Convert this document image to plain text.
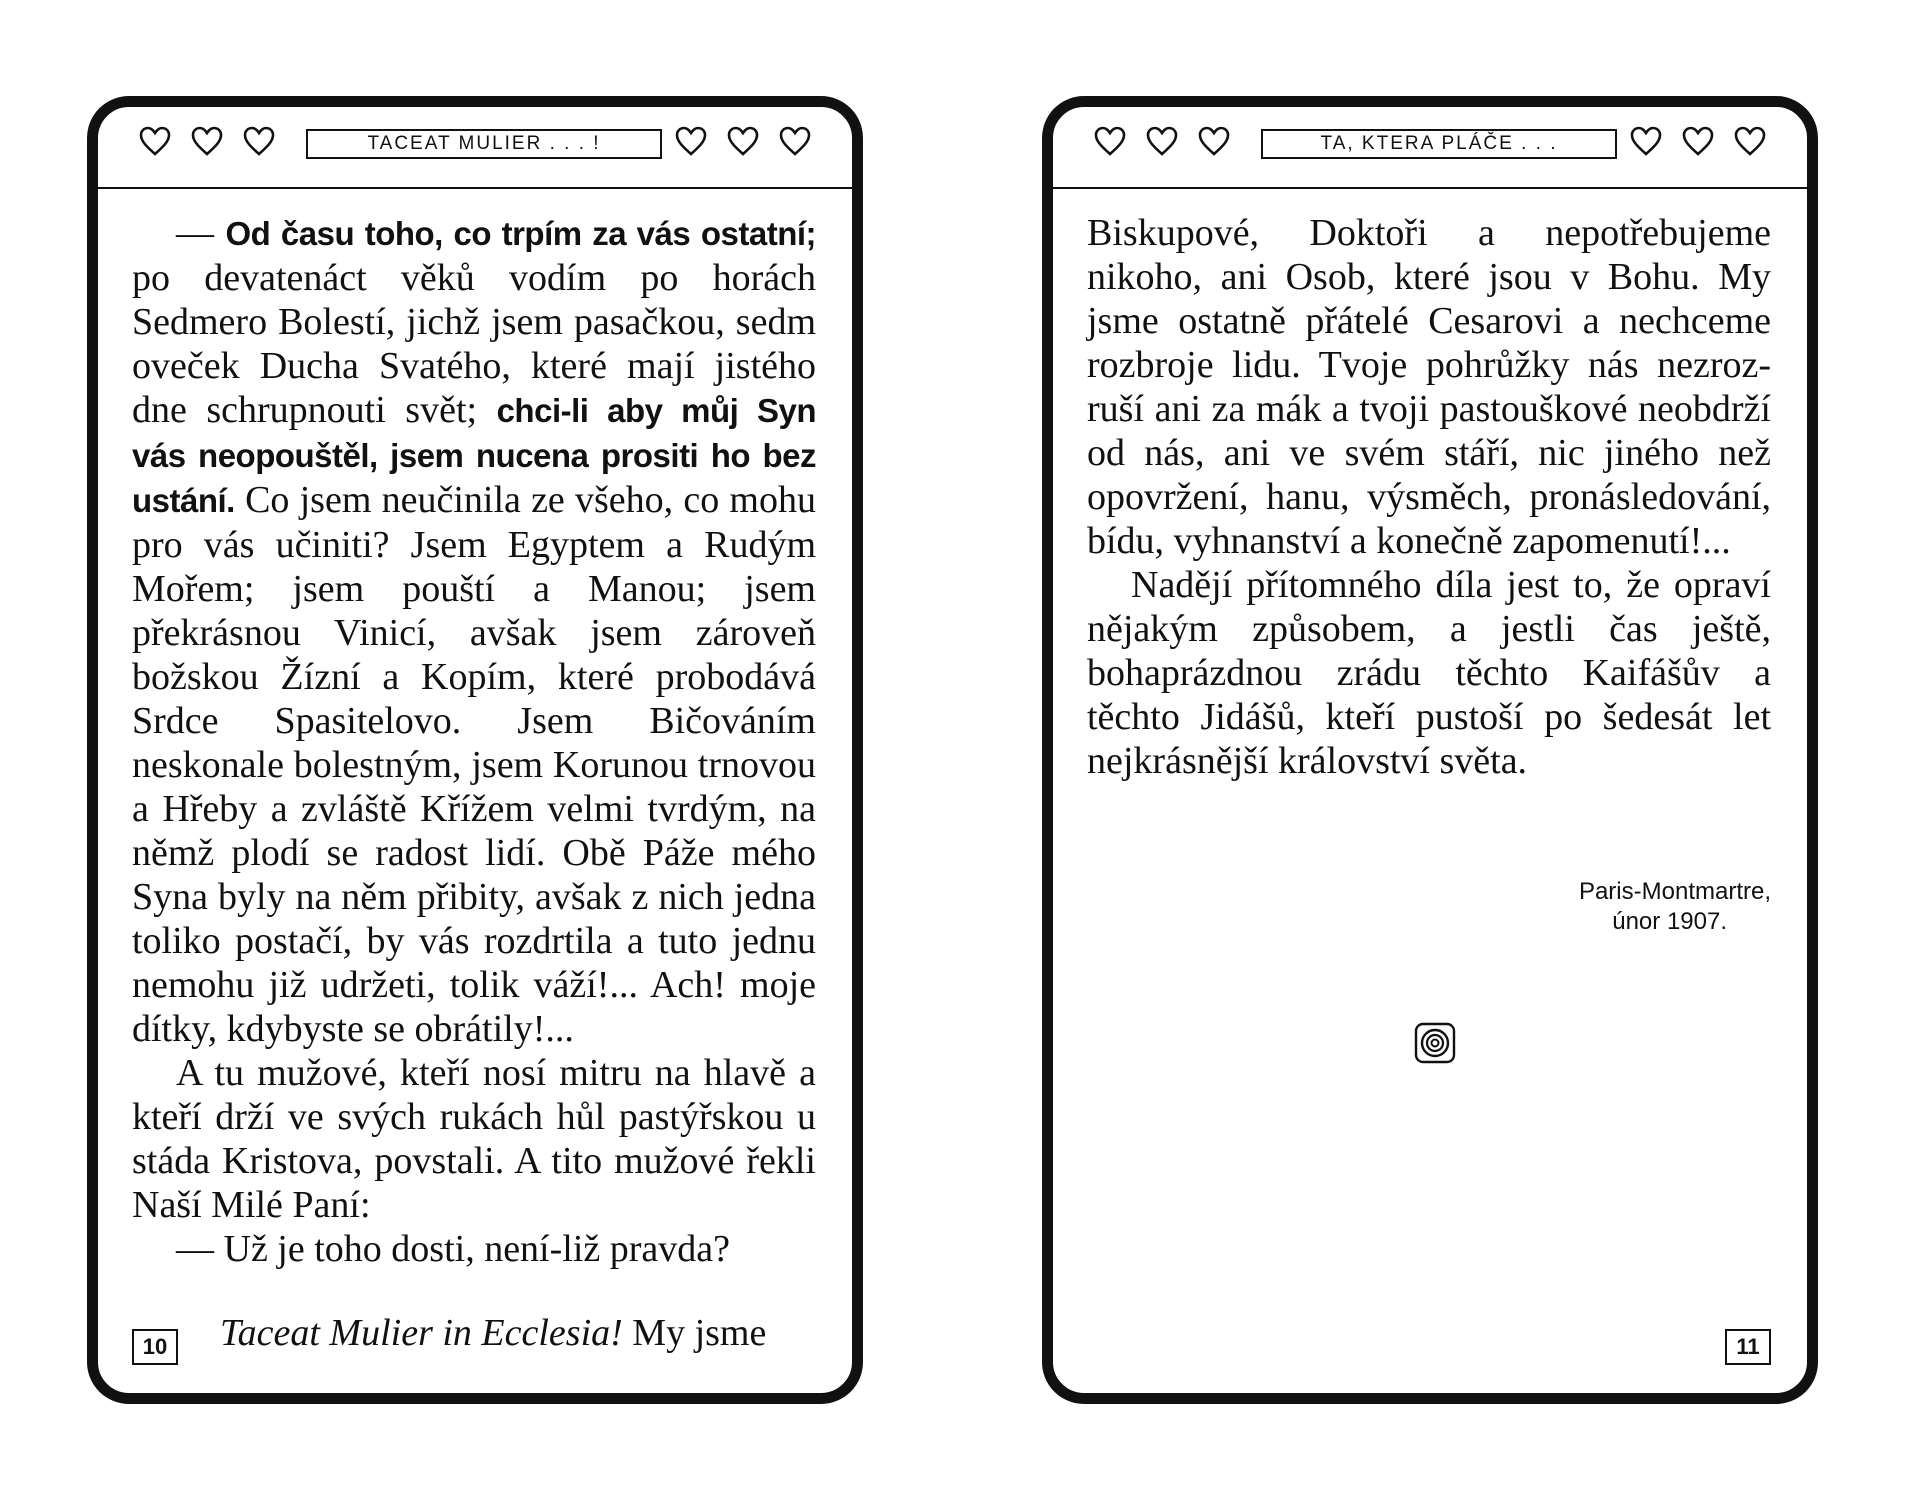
TACEAT MULIER . . . !

— Od času toho, co trpím za vás ostatní; po devatenáct věků vodím po horách Sedmero Bolestí, jichž jsem pasačkou, sedm oveček Ducha Svatého, které mají jistého dne schrupnouti svět; chci-li aby můj Syn vás neopouštěl, jsem nucena prositi ho bez ustání. Co jsem neučinila ze všeho, co mohu pro vás učiniti? Jsem Egyptem a Rudým Mořem; jsem pouští a Manou; jsem překrásnou Vinicí, avšak jsem zároveň božskou Žízní a Kopím, které probodává Srdce Spasitelovo. Jsem Bičováním neskonale bolestným, jsem Korunou trnovou a Hřeby a zvláště Křížem velmi tvrdým, na němž plodí se radost lidí. Obě Páže mého Syna byly na něm přibity, avšak z nich jedna toliko postačí, by vás rozdrtila a tuto jednu nemohu již udržeti, tolik váží!... Ach! moje dítky, kdybyste se obrátily!...

A tu mužové, kteří nosí mitru na hlavě a kteří drží ve svých rukách hůl pastýřskou u stáda Kristova, povstali. A tito mužové řekli Naší Milé Paní:

— Už je toho dosti, není-liž pravda?

Taceat Mulier in Ecclesia! My jsme
10
TA, KTERA PLÁČE . . .

Biskupové, Doktoři a nepotřebujeme nikoho, ani Osob, které jsou v Bohu. My jsme ostatně přátelé Cesarovi a nechceme rozbroje lidu. Tvoje pohrůžky nás nezroz-ruší ani za mák a tvoji pastouškové neobdrží od nás, ani ve svém stáří, nic jiného než opovržení, hanu, výsměch, pronásledování, bídu, vyhnanství a konečně zapomenutí!...

Nadějí přítomného díla jest to, že opraví nějakým způsobem, a jestli čas ještě, bohaprázdnou zrádu těchto Kaifášův a těchto Jidášů, kteří pustoší po šedesát let nejkrásnější království světa.

Paris-Montmartre,
únor 1907.
11
